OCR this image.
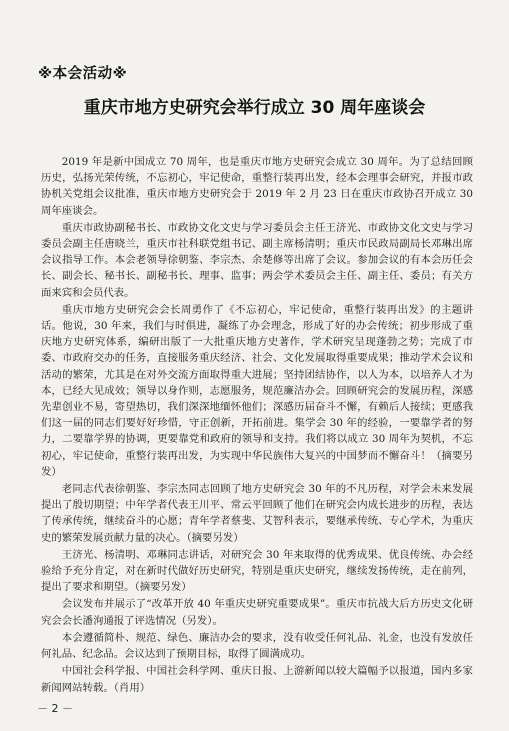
※本会活动※
重庆市地方史研究会举行成立 30 周年座谈会

2019 年是新中国成立 70 周年，也是重庆市地方史研究会成立 30 周年。为了总结回顾历史，弘扬光荣传统，不忘初心，牢记使命，重整行装再出发，经本会理事会研究，并报市政协机关党组会议批准，重庆市地方史研究会于 2019 年 2 月 23 日在重庆市政协召开成立 30 周年座谈会。

重庆市政协副秘书长、市政协文化文史与学习委员会主任王济光、市政协文化文史与学习委员会副主任唐晓兰，重庆市社科联党组书记、副主席杨清明；重庆市民政局副局长邓琳出席会议指导工作。本会老领导徐朝鉴、李宗杰、余楚修等出席了会议。参加会议的有本会历任会长、副会长、秘书长、副秘书长、理事、监事；两会学术委员会主任、副主任、委员；有关方面来宾和会员代表。

重庆市地方史研究会会长周勇作了《不忘初心，牢记使命，重整行装再出发》的主题讲话。他说，30 年来，我们与时俱进，凝练了办会理念，形成了好的办会传统；初步形成了重庆地方史研究体系，编研出版了一大批重庆地方史著作，学术研究呈现蓬勃之势；完成了市委、市政府交办的任务，直接服务重庆经济、社会、文化发展取得重要成果；推动学术会议和活动的繁荣，尤其是在对外交流方面取得重大进展；坚持团结协作，以人为本，以培养人才为本，已经大见成效；领导以身作则，志愿服务，规范廉洁办会。回顾研究会的发展历程，深感先辈创业不易，寄望热切，我们深深地缅怀他们；深感历届奋斗不懈，有赖后人接续；更感我们这一届的同志们要好好珍惜，守正创新，开拓前进。集学会 30 年的经验，一要靠学者的努力，二要靠学界的协调，更要靠党和政府的领导和支持。我们将以成立 30 周年为契机，不忘初心，牢记使命，重整行装再出发，为实现中华民族伟大复兴的中国梦而不懈奋斗！（摘要另发）

老同志代表徐朝鉴、李宗杰同志回顾了地方史研究会 30 年的不凡历程，对学会未来发展提出了殷切期望；中年学者代表王川平、常云平回顾了他们在研究会内成长进步的历程，表达了传承传统，继续奋斗的心愿；青年学者蔡斐、艾智科表示，要继承传统、专心学术，为重庆史的繁荣发展贡献力量的决心。（摘要另发）

王济光、杨清明、邓琳同志讲话，对研究会 30 年来取得的优秀成果、优良传统、办会经验给予充分肯定，对在新时代做好历史研究，特别是重庆史研究，继续发扬传统，走在前列，提出了要求和期望。（摘要另发）

会议发布并展示了“改革开放 40 年重庆史研究重要成果”。重庆市抗战大后方历史文化研究会会长潘洵通报了评选情况（另发）。

本会遵循简朴、规范、绿色、廉洁办会的要求，没有收受任何礼品、礼金，也没有发放任何礼品、纪念品。会议达到了预期目标，取得了圆满成功。

中国社会科学报、中国社会科学网、重庆日报、上游新闻以较大篇幅予以报道，国内多家新闻网站转载。（肖用）

－ 2 －
